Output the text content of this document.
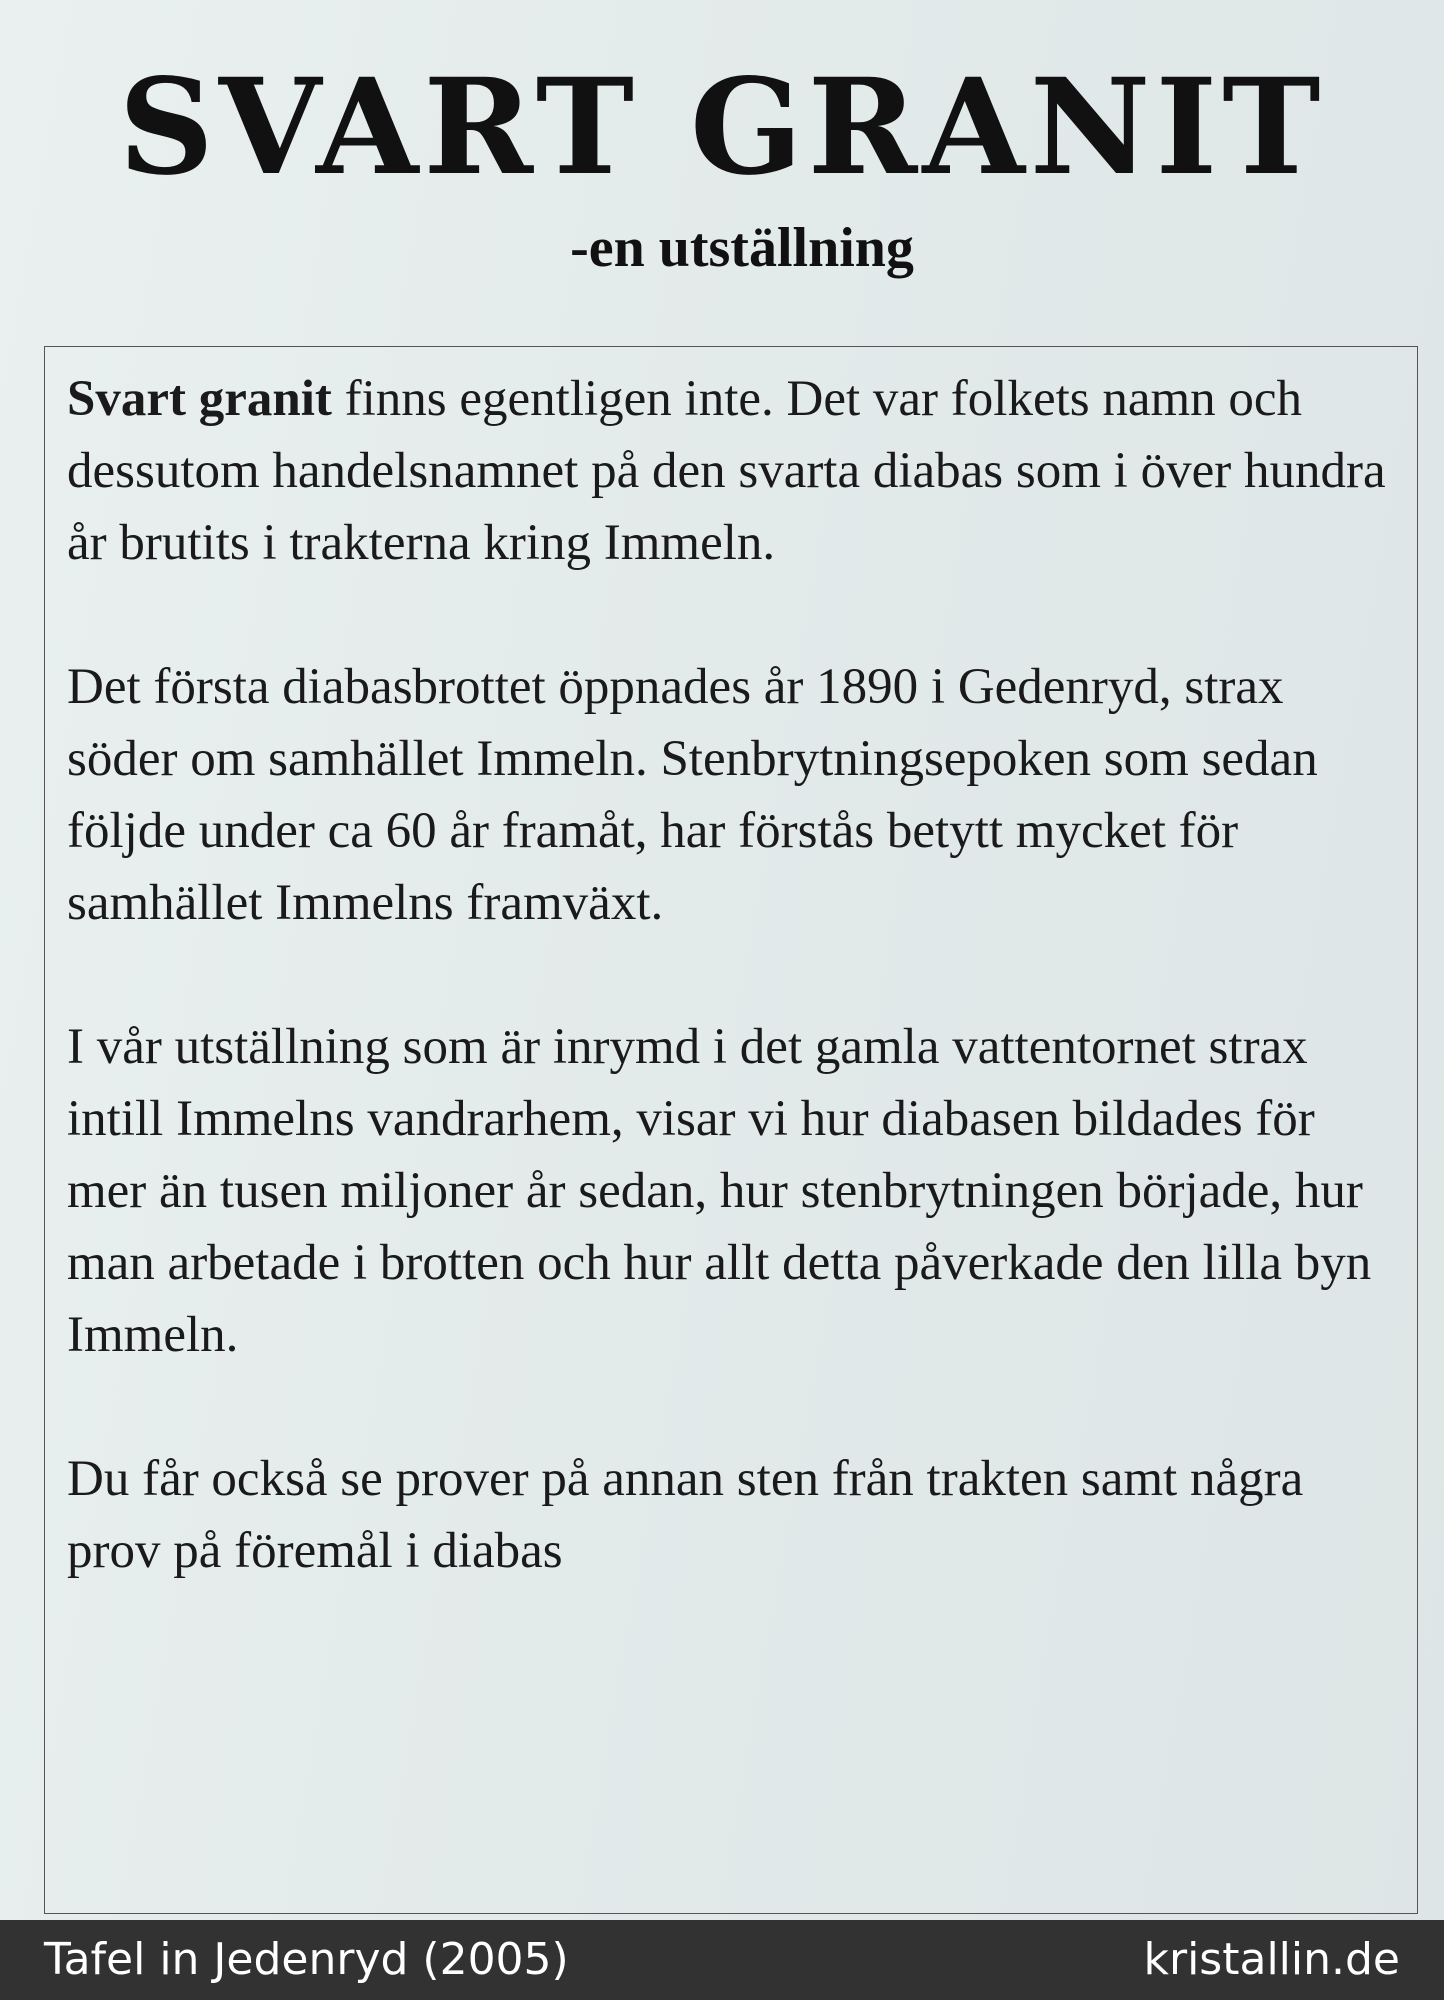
SVART GRANIT
-en utställning

Svart granit finns egentligen inte. Det var folkets namn och dessutom handelsnamnet på den svarta diabas som i över hundra år brutits i trakterna kring Immeln.

Det första diabasbrottet öppnades år 1890 i Gedenryd, strax söder om samhället Immeln. Stenbrytningsepoken som sedan följde under ca 60 år framåt, har förstås betytt mycket för samhället Immelns framväxt.

I vår utställning som är inrymd i det gamla vattentornet strax intill Immelns vandrarhem, visar vi hur diabasen bildades för mer än tusen miljoner år sedan, hur stenbrytningen började, hur man arbetade i brotten och hur allt detta påverkade den lilla byn Immeln.

Du får också se prover på annan sten från trakten samt några prov på föremål i diabas

Tafel in Jedenryd (2005)	kristallin.de
